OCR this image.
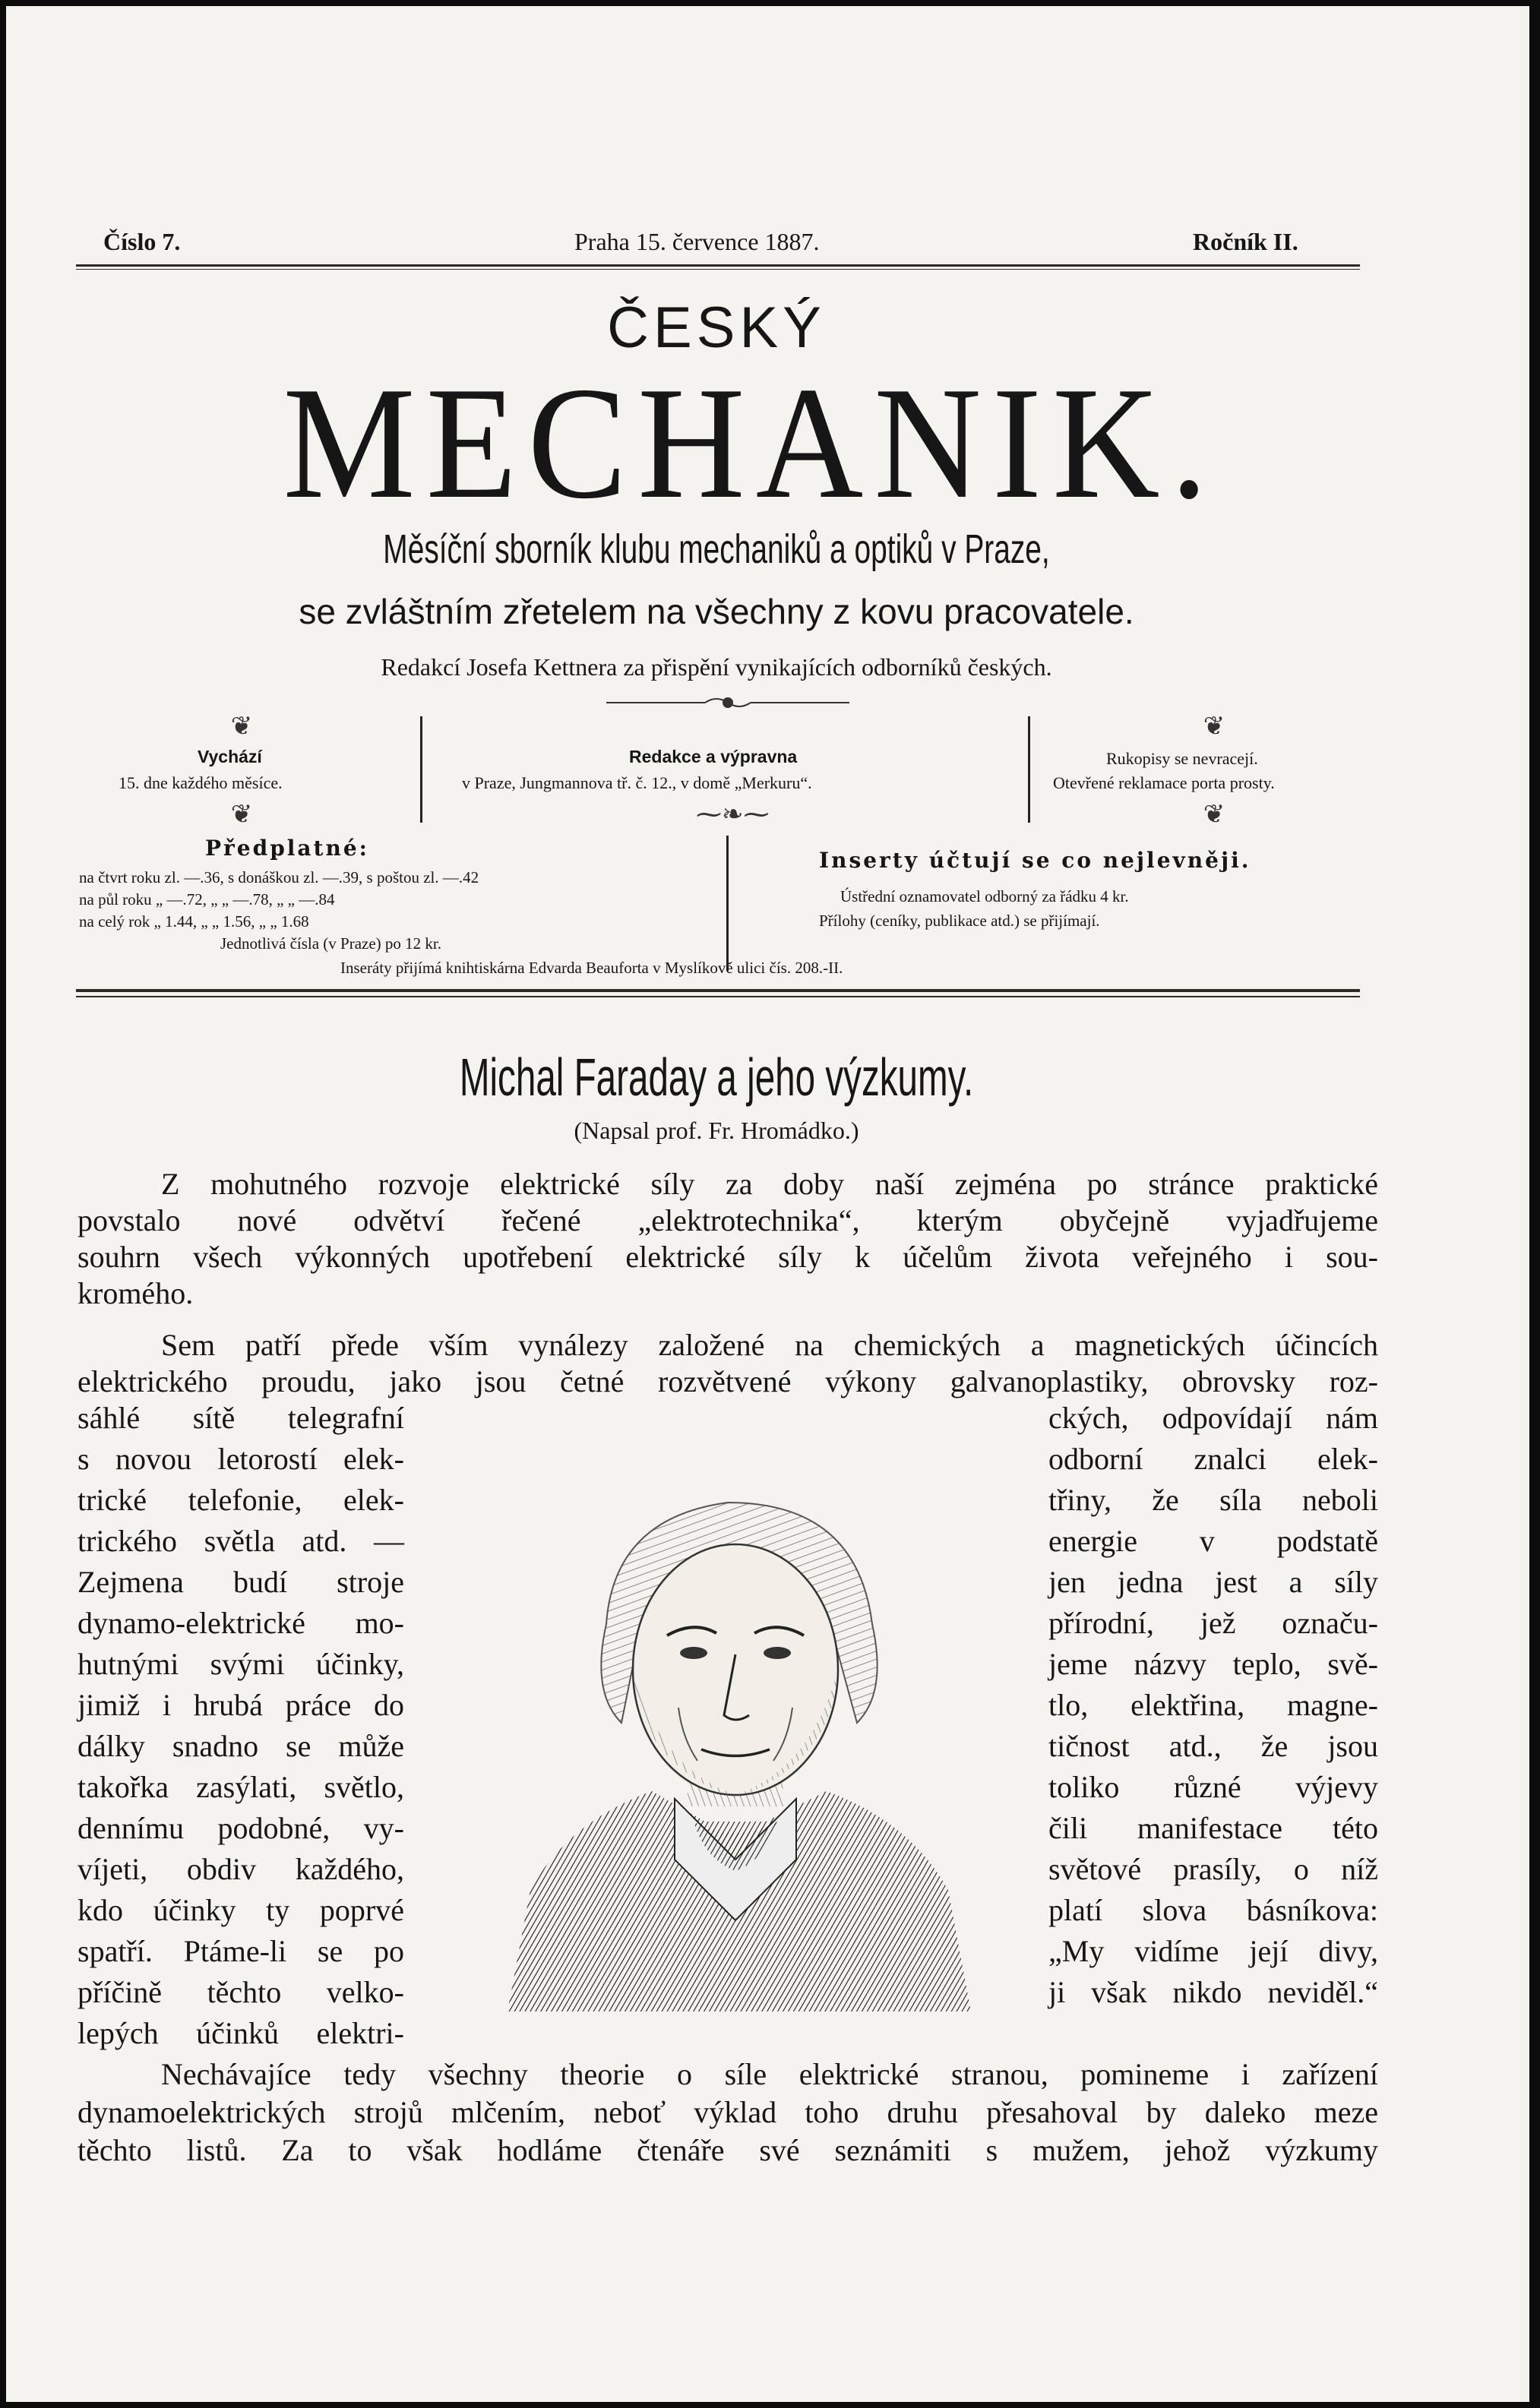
Číslo 7.	Praha 15. července 1887.	Ročník II.
ČESKÝ
MECHANIK.
Měsíční sborník klubu mechaniků a optiků v Praze,
se zvláštním zřetelem na všechny z kovu pracovatele.
Redakcí Josefa Kettnera za přispění vynikajících odborníků českých.
❦
Vychází
15. dne každého měsíce.
❦
Redakce a výpravna
v Praze, Jungmannova tř. č. 12., v domě „Merkuru“.
⁓❧⁓
❦
Rukopisy se nevracejí.
Otevřené reklamace porta prosty.
❦
Předplatné:
na čtvrt roku zl. —.36, s donáškou zl. —.39, s poštou zl. —.42
na půl roku „ —.72, „ „ —.78, „ „ —.84
na celý rok „ 1.44, „ „ 1.56, „ „ 1.68
Jednotlivá čísla (v Praze) po 12 kr.
Inserty účtují se co nejlevněji.
Ústřední oznamovatel odborný za řádku 4 kr.
Přílohy (ceníky, publikace atd.) se přijímají.
Inseráty přijímá knihtiskárna Edvarda Beauforta v Myslíkově ulici čís. 208.-II.
Michal Faraday a jeho výzkumy.
(Napsal prof. Fr. Hromádko.)
Z mohutného rozvoje elektrické síly za doby naší zejména po stránce praktické
povstalo nové odvětví řečené „elektrotechnika“, kterým obyčejně vyjadřujeme
souhrn všech výkonných upotřebení elektrické síly k účelům života veřejného i sou-
kromého.
Sem patří přede vším vynálezy založené na chemických a magnetických účincích
elektrického proudu, jako jsou četné rozvětvené výkony galvanoplastiky, obrovsky roz-
ckých, odpovídají nám
sáhlé sítě telegrafní
s novou letorostí elek-
trické telefonie, elek-
trického světla atd. —
Zejmena budí stroje
dynamo-elektrické mo-
hutnými svými účinky,
jimiž i hrubá práce do
dálky snadno se může
takořka zasýlati, světlo,
dennímu podobné, vy-
víjeti, obdiv každého,
kdo účinky ty poprvé
spatří. Ptáme-li se po
příčině těchto velko-
lepých účinků elektri-
odborní znalci elek-
třiny, že síla neboli
energie v podstatě
jen jedna jest a síly
přírodní, jež označu-
jeme názvy teplo, svě-
tlo, elektřina, magne-
tičnost atd., že jsou
toliko různé výjevy
čili manifestace této
světové prasíly, o níž
platí slova básníkova:
„My vidíme její divy,
ji však nikdo neviděl.“
Nechávajíce tedy všechny theorie o síle elektrické stranou, pomineme i zařízení
dynamoelektrických strojů mlčením, neboť výklad toho druhu přesahoval by daleko meze
těchto listů. Za to však hodláme čtenáře své seznámiti s mužem, jehož výzkumy
